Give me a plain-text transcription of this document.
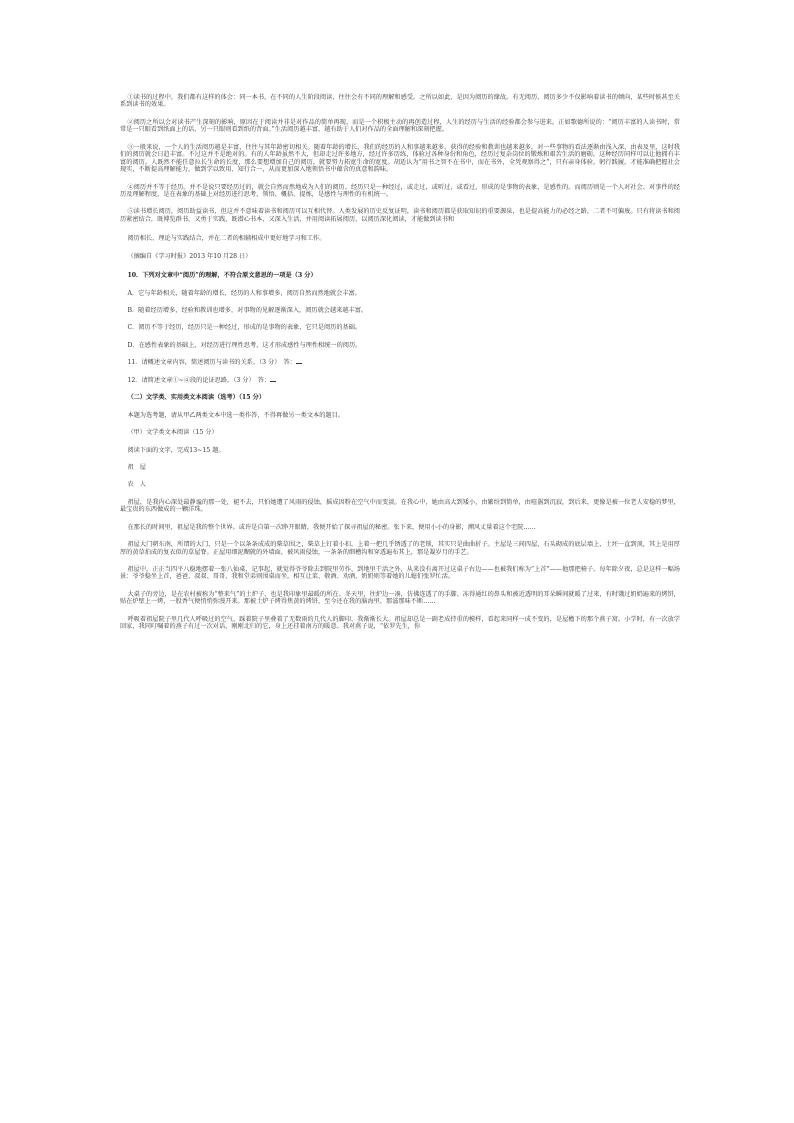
①读书的过程中，我们都有这样的体会：同一本书，在不同的人生阶段阅读，往往会有不同的理解和感受。之所以如此，是因为阅历的缘故。有无阅历、阅历多少不仅影响着读书的倾向，某些时候甚至关系到读书的效果。

②阅历之所以会对读书产生深刻的影响，原因在于阅读并非是对作品的简单再现，而是一个积极主动的再创造过程，人生的经历与生活的经验都会参与进来。正如歌德所说的：“阅历丰富的人读书时，常常是一只眼看到纸面上的话，另一只眼则看到纸的背面。”生活阅历越丰富，越有助于人们对作品的全面理解和深刻把握。

③一般来说，一个人的生活阅历越是丰富，往往与其年龄密切相关。随着年龄的增长，我们的经历的人和事越来越多，获得的经验和教训也越来越多，对一些事物的看法逐渐由浅入深，由表及里，这时我们的阅历就会日趋丰富。不过这并不是绝对的。有的人年龄虽然不大，但却走过许多地方，经过许多历练，体验过各种身份和角色，经历过复杂岗位的锻炼和艰苦生活的磨砺，这种经历同样可以让他拥有丰富的阅历。人既然不能任意拉长生命的长度，那么要想增加自己的阅历，就要努力拓宽生命的宽度。胡适认为“用书之智不在书中，而在书外，全凭观察得之”，只有亲身体验，躬行践履，才能准确把握社会现实，不断提高理解能力，做到学以致用、知行合一，从而更加深入地领悟书中蕴含的真意和韵味。

④阅历并不等于经历。并不是说只要经历过的，就会自然而然地成为人们的阅历。经历只是一种经过，或走过，或听过，或看过，形成的是事物的表象，是感性的。而阅历则是一个人对社会、对事件的经历及理解程度，是在表象的基础上对经历进行思考、领悟、概括、提炼，是感性与理性的有机统一。

⑤读书增长阅历，阅历助益读书，但这并不意味着读书和阅历可以互相代替。人类发展的历史反复证明，读书和阅历都是获取知识的重要源泉，也是提高能力的必经之路，二者不可偏废。只有将读书和阅历紧密结合，既博览群书，又勇于实践，既潜心书本，又深入生活，并用阅读拓展阅历，以阅历深化阅读，才能做到读书和

阅历相长、理论与实践结合，并在二者的相辅相成中更好地学习和工作。

（摘编自《学习时报》2013 年10 月28 日）

10．下列对文章中“阅历”的理解，不符合原文意思的一项是（3 分）

A．它与年龄相关，随着年龄的增长，经历的人和事增多，阅历自然而然地就会丰富。

B．随着经历增多，经验和教训也增多，对事物的见解逐渐深入，阅历就会越来越丰富。

C．阅历不等于经历，经历只是一种经过，形成的是事物的表象，它只是阅历的基础。

D．在感性表象的基础上，对经历进行理性思考，这才形成感性与理性相统一的阅历。

11．请概述文章内容，简述阅历与读书的关系。（3 分）　答：

12．请简述文章①~④段的论证思路。（3 分）　答：

（二）文学类、实用类文本阅读（选考）（15 分）

本题为选考题，请从甲乙两类文本中选一类作答，不得再做另一类文本的题目。

（甲）文学类文本阅读（15 分）

阅读下面的文字，完成13~15 题。

祖　屋

农　人

祖屋，是我内心深处最静谧的那一处，褪不去，只怕她遭了风雨的侵蚀，摇成因粉在空气中而变淡。在我心中，她由高大到矮小，由繁纷到简单，由喧嚣到沉寂，到后来，更像是被一位老人安稳的梦里，最宝贵的东西做成的一颗洋珠。

在那长的时间里，祖屋是我的整个世界。或许是自第一次睁开眼睛，我便开始了探寻祖屋的秘密。张下来，便用小小的身影，溯风丈量着这个宅院……

祖屋大门朝东南，所谓的大门，只是一个以条条成成的柴草围之，柴草上钉着小扣，上着一把几乎锈透了的老锁，其实只是曲曲折子。主屋是三间四屋，石头砌成的底层墙上，土坯一直到顶，其上是用厚厚的黄草拍成的复衣似的草屋脊。正屋用细泥糊就的外墙面，被风雨侵蚀，一条条的细槽沟和穿透遍布其上，那是凝岁月的手艺。

祖屋中，正正当四平八稳地摆着一张八仙桌，记事起，就觉得爷爷除去到院里劳作、到地里干活之外，从来没有离开过这桌子右边——也被我们称为“上首”——他那把椅子。每年除夕夜，总是这样一幅场景：爷爷稳坐上首，爸爸、叔叔、哥哥、我和堂弟则围桌而坐，相互让菜、敬酒、劝酒，奶奶则等着她的儿媳们张罗忙活。

大桌子的旁边，是在农村被称为“整来气”的土炉子，也是我印象里最暖的所在。冬天里，往炉边一凑，仿佛连透了的手脚、冻得通红的鼻头和被近透明的耳朵瞬间就暖了过来，有时饿过奶奶遍来的烤饼，贴在炉壁上一烤，一股香气便悄悄弥漫开来。那被土炉子烤得焦黄的烤饼，至今还在我的脑海里，那滋那味不断……

呼吸着祖屋院子里几代人呼吸过的空气，踩着院子里叠着了无数雨的几代人的脚印，我渐渐长大。祖屋却总是一副老成持重的模样，看起来同样一成不变的，是屋檐下的那个燕子窝。小学时，有一次放学回家，我同叮嘱着的燕子有过一次对话，刚刚北归的它，身上还挂着南方的暖意。我对燕子说，“依罗先生，你
